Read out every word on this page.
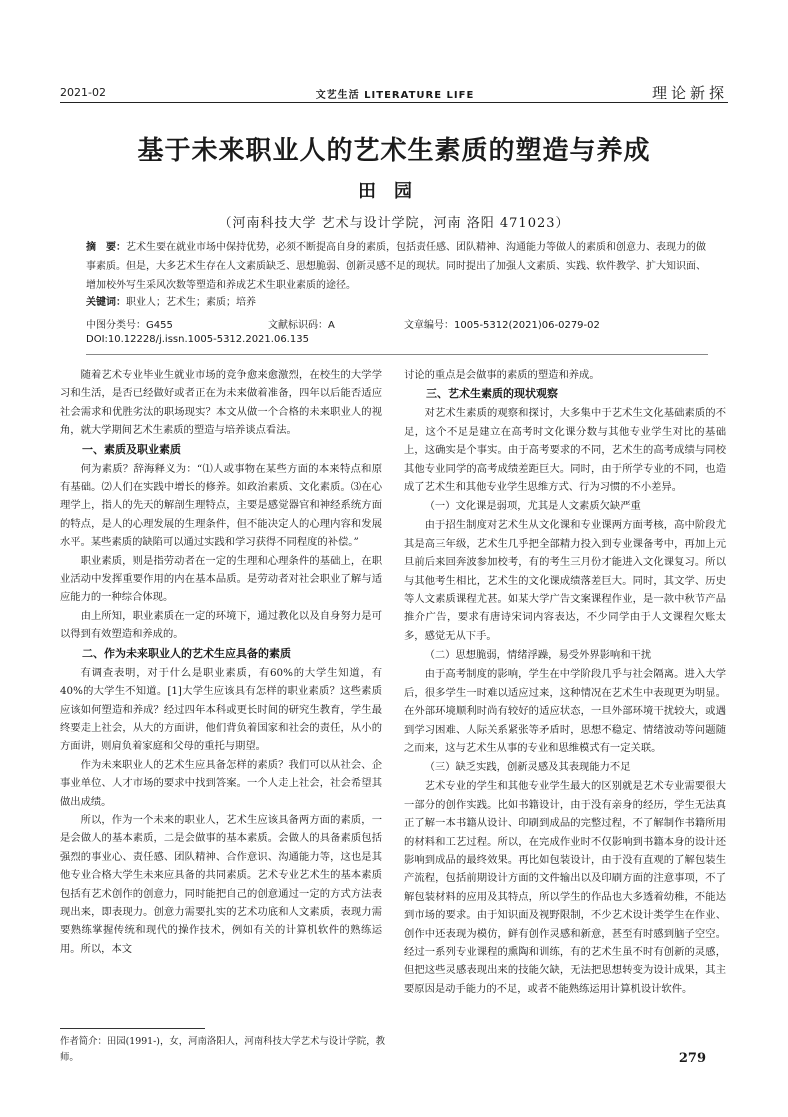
2021-02	文艺生活 LITERATURE LIFE	理论新探
基于未来职业人的艺术生素质的塑造与养成
田园
（河南科技大学 艺术与设计学院，河南 洛阳 471023）
摘　要：艺术生要在就业市场中保持优势，必须不断提高自身的素质，包括责任感、团队精神、沟通能力等做人的素质和创意力、表现力的做事素质。但是，大多艺术生存在人文素质缺乏、思想脆弱、创新灵感不足的现状。同时提出了加强人文素质、实践、软件教学、扩大知识面、增加校外写生采风次数等塑造和养成艺术生职业素质的途径。
关键词：职业人；艺术生；素质；培养
中图分类号：G455	文献标识码：A	文章编号：1005-5312(2021)06-0279-02
DOI:10.12228/j.issn.1005-5312.2021.06.135

随着艺术专业毕业生就业市场的竞争愈来愈激烈，在校生的大学学习和生活，是否已经做好或者正在为未来做着准备，四年以后能否适应社会需求和优胜劣汰的职场现实？本文从做一个合格的未来职业人的视角，就大学期间艺术生素质的塑造与培养谈点看法。

一、素质及职业素质

何为素质？辞海释义为：“⑴人或事物在某些方面的本来特点和原有基础。⑵人们在实践中增长的修养。如政治素质、文化素质。⑶在心理学上，指人的先天的解剖生理特点，主要是感觉器官和神经系统方面的特点，是人的心理发展的生理条件，但不能决定人的心理内容和发展水平。某些素质的缺陷可以通过实践和学习获得不同程度的补偿。”

职业素质，则是指劳动者在一定的生理和心理条件的基础上，在职业活动中发挥重要作用的内在基本品质。是劳动者对社会职业了解与适应能力的一种综合体现。

由上所知，职业素质在一定的环境下，通过教化以及自身努力是可以得到有效塑造和养成的。

二、作为未来职业人的艺术生应具备的素质

有调查表明，对于什么是职业素质，有60%的大学生知道，有40%的大学生不知道。[1]大学生应该具有怎样的职业素质？这些素质应该如何塑造和养成？经过四年本科或更长时间的研究生教育，学生最终要走上社会，从大的方面讲，他们背负着国家和社会的责任，从小的方面讲，则肩负着家庭和父母的重托与期望。

作为未来职业人的艺术生应具备怎样的素质？我们可以从社会、企事业单位、人才市场的要求中找到答案。一个人走上社会，社会希望其做出成绩。

所以，作为一个未来的职业人，艺术生应该具备两方面的素质，一是会做人的基本素质，二是会做事的基本素质。会做人的具备素质包括强烈的事业心、责任感、团队精神、合作意识、沟通能力等，这也是其他专业合格大学生未来应具备的共同素质。艺术专业艺术生的基本素质包括有艺术创作的创意力，同时能把自己的创意通过一定的方式方法表现出来，即表现力。创意力需要扎实的艺术功底和人文素质，表现力需要熟练掌握传统和现代的操作技术，例如有关的计算机软件的熟练运用。所以，本文

讨论的重点是会做事的素质的塑造和养成。

三、艺术生素质的现状观察

对艺术生素质的观察和探讨，大多集中于艺术生文化基础素质的不足，这个不足是建立在高考时文化课分数与其他专业学生对比的基础上，这确实是个事实。由于高考要求的不同，艺术生的高考成绩与同校其他专业同学的高考成绩差距巨大。同时，由于所学专业的不同，也造成了艺术生和其他专业学生思维方式、行为习惯的不小差异。

（一）文化课是弱项，尤其是人文素质欠缺严重

由于招生制度对艺术生从文化课和专业课两方面考核，高中阶段尤其是高三年级，艺术生几乎把全部精力投入到专业课备考中，再加上元旦前后来回奔波参加校考，有的考生三月份才能进入文化课复习。所以与其他考生相比，艺术生的文化课成绩落差巨大。同时，其文学、历史等人文素质课程尤甚。如某大学广告文案课程作业，是一款中秋节产品推介广告，要求有唐诗宋词内容表达，不少同学由于人文课程欠账太多，感觉无从下手。

（二）思想脆弱，情绪浮躁，易受外界影响和干扰

由于高考制度的影响，学生在中学阶段几乎与社会隔离。进入大学后，很多学生一时难以适应过来，这种情况在艺术生中表现更为明显。在外部环境顺利时尚有较好的适应状态，一旦外部环境干扰较大，或遇到学习困难、人际关系紧张等矛盾时，思想不稳定、情绪波动等问题随之而来，这与艺术生从事的专业和思维模式有一定关联。

（三）缺乏实践，创新灵感及其表现能力不足

艺术专业的学生和其他专业学生最大的区别就是艺术专业需要很大一部分的创作实践。比如书籍设计，由于没有亲身的经历，学生无法真正了解一本书籍从设计、印刷到成品的完整过程，不了解制作书籍所用的材料和工艺过程。所以，在完成作业时不仅影响到书籍本身的设计还影响到成品的最终效果。再比如包装设计，由于没有直观的了解包装生产流程，包括前期设计方面的文件输出以及印刷方面的注意事项，不了解包装材料的应用及其特点，所以学生的作品也大多透着幼稚，不能达到市场的要求。由于知识面及视野限制，不少艺术设计类学生在作业、创作中还表现为模仿，鲜有创作灵感和新意，甚至有时感到脑子空空。经过一系列专业课程的熏陶和训练，有的艺术生虽不时有创新的灵感，但把这些灵感表现出来的技能欠缺，无法把思想转变为设计成果，其主要原因是动手能力的不足，或者不能熟练运用计算机设计软件。

作者简介：田园(1991-)，女，河南洛阳人，河南科技大学艺术与设计学院，教师。	279
